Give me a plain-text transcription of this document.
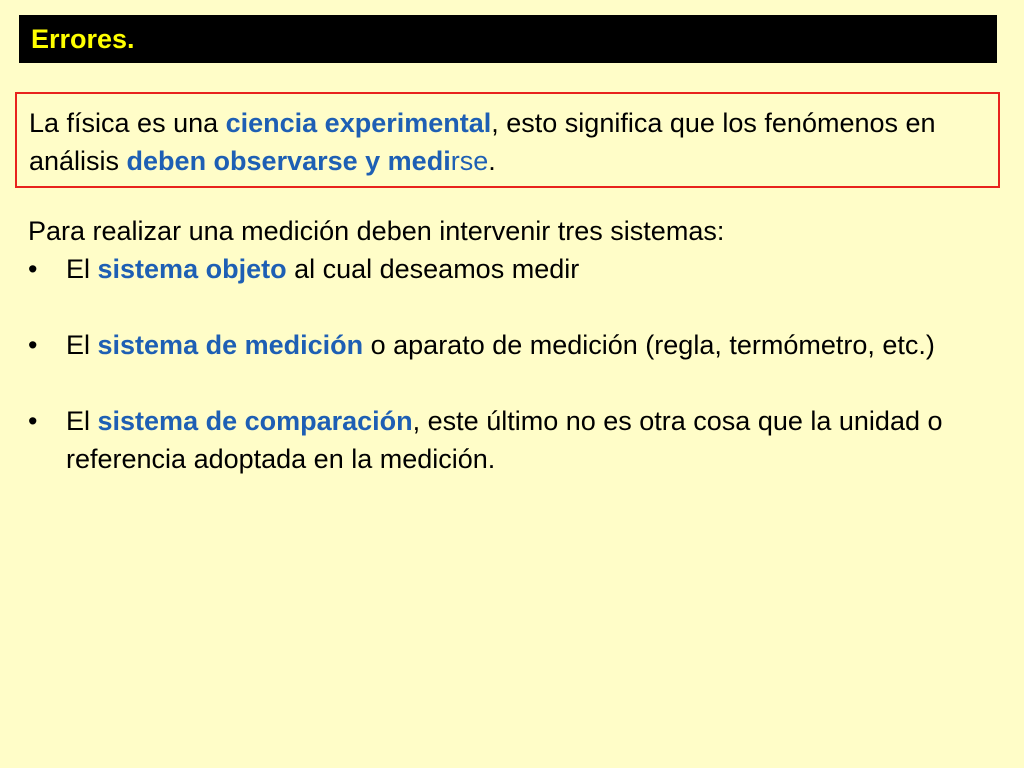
Errores.
La física es una ciencia experimental, esto significa que los fenómenos en análisis deben observarse y medirse.

Para realizar una medición deben intervenir tres sistemas:

• El sistema objeto al cual deseamos medir
• El sistema de medición o aparato de medición (regla, termómetro, etc.)
• El sistema de comparación, este último no es otra cosa que la unidad o referencia adoptada en la medición.
